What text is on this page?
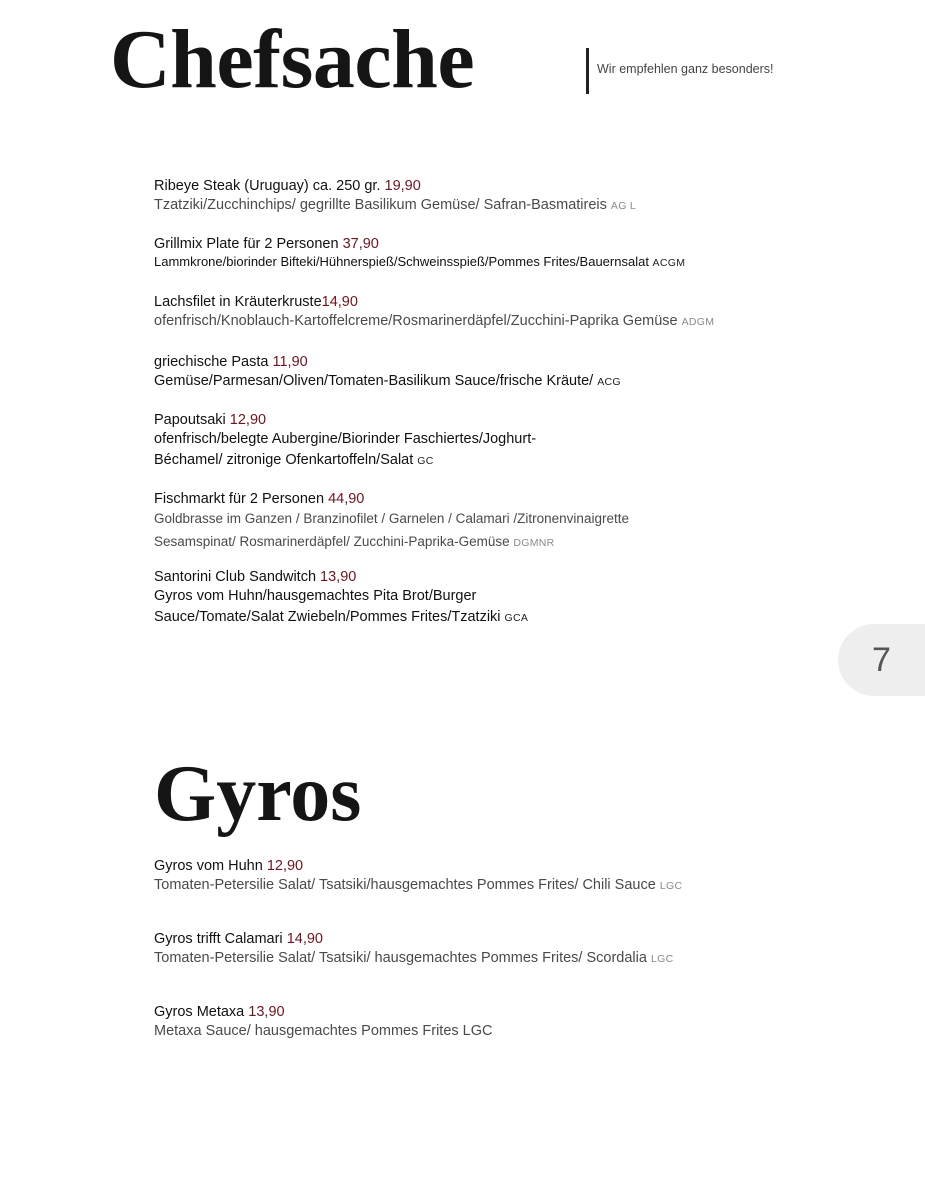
Chefsache	Wir empfehlen ganz besonders!
Ribeye Steak (Uruguay) ca. 250 gr. 19,90
Tzatziki/Zucchinchips/ gegrillte Basilikum Gemüse/ Safran-Basmatireis AG L
Grillmix Plate für 2 Personen 37,90
Lammkrone/biorinder Bifteki/Hühnerspieß/Schweinsspieß/Pommes Frites/Bauernsalat ACGM
Lachsfilet in Kräuterkruste14,90
ofenfrisch/Knoblauch-Kartoffelcreme/Rosmarinerdäpfel/Zucchini-Paprika Gemüse ADGM
griechische Pasta 11,90
Gemüse/Parmesan/Oliven/Tomaten-Basilikum Sauce/frische Kräute/ ACG
Papoutsaki 12,90
ofenfrisch/belegte Aubergine/Biorinder Faschiertes/Joghurt-
Béchamel/ zitronige Ofenkartoffeln/Salat GC
Fischmarkt für 2 Personen 44,90
Goldbrasse im Ganzen / Branzinofilet / Garnelen / Calamari /Zitronenvinaigrette
Sesamspinat/ Rosmarinerdäpfel/ Zucchini-Paprika-Gemüse DGMNR
Santorini Club Sandwitch 13,90
Gyros vom Huhn/hausgemachtes Pita Brot/Burger
Sauce/Tomate/Salat Zwiebeln/Pommes Frites/Tzatziki GCA
7
Gyros
Gyros vom Huhn 12,90
Tomaten-Petersilie Salat/ Tsatsiki/hausgemachtes Pommes Frites/ Chili Sauce LGC
Gyros trifft Calamari 14,90
Tomaten-Petersilie Salat/ Tsatsiki/ hausgemachtes Pommes Frites/ Scordalia LGC
Gyros Metaxa 13,90
Metaxa Sauce/ hausgemachtes Pommes Frites LGC
